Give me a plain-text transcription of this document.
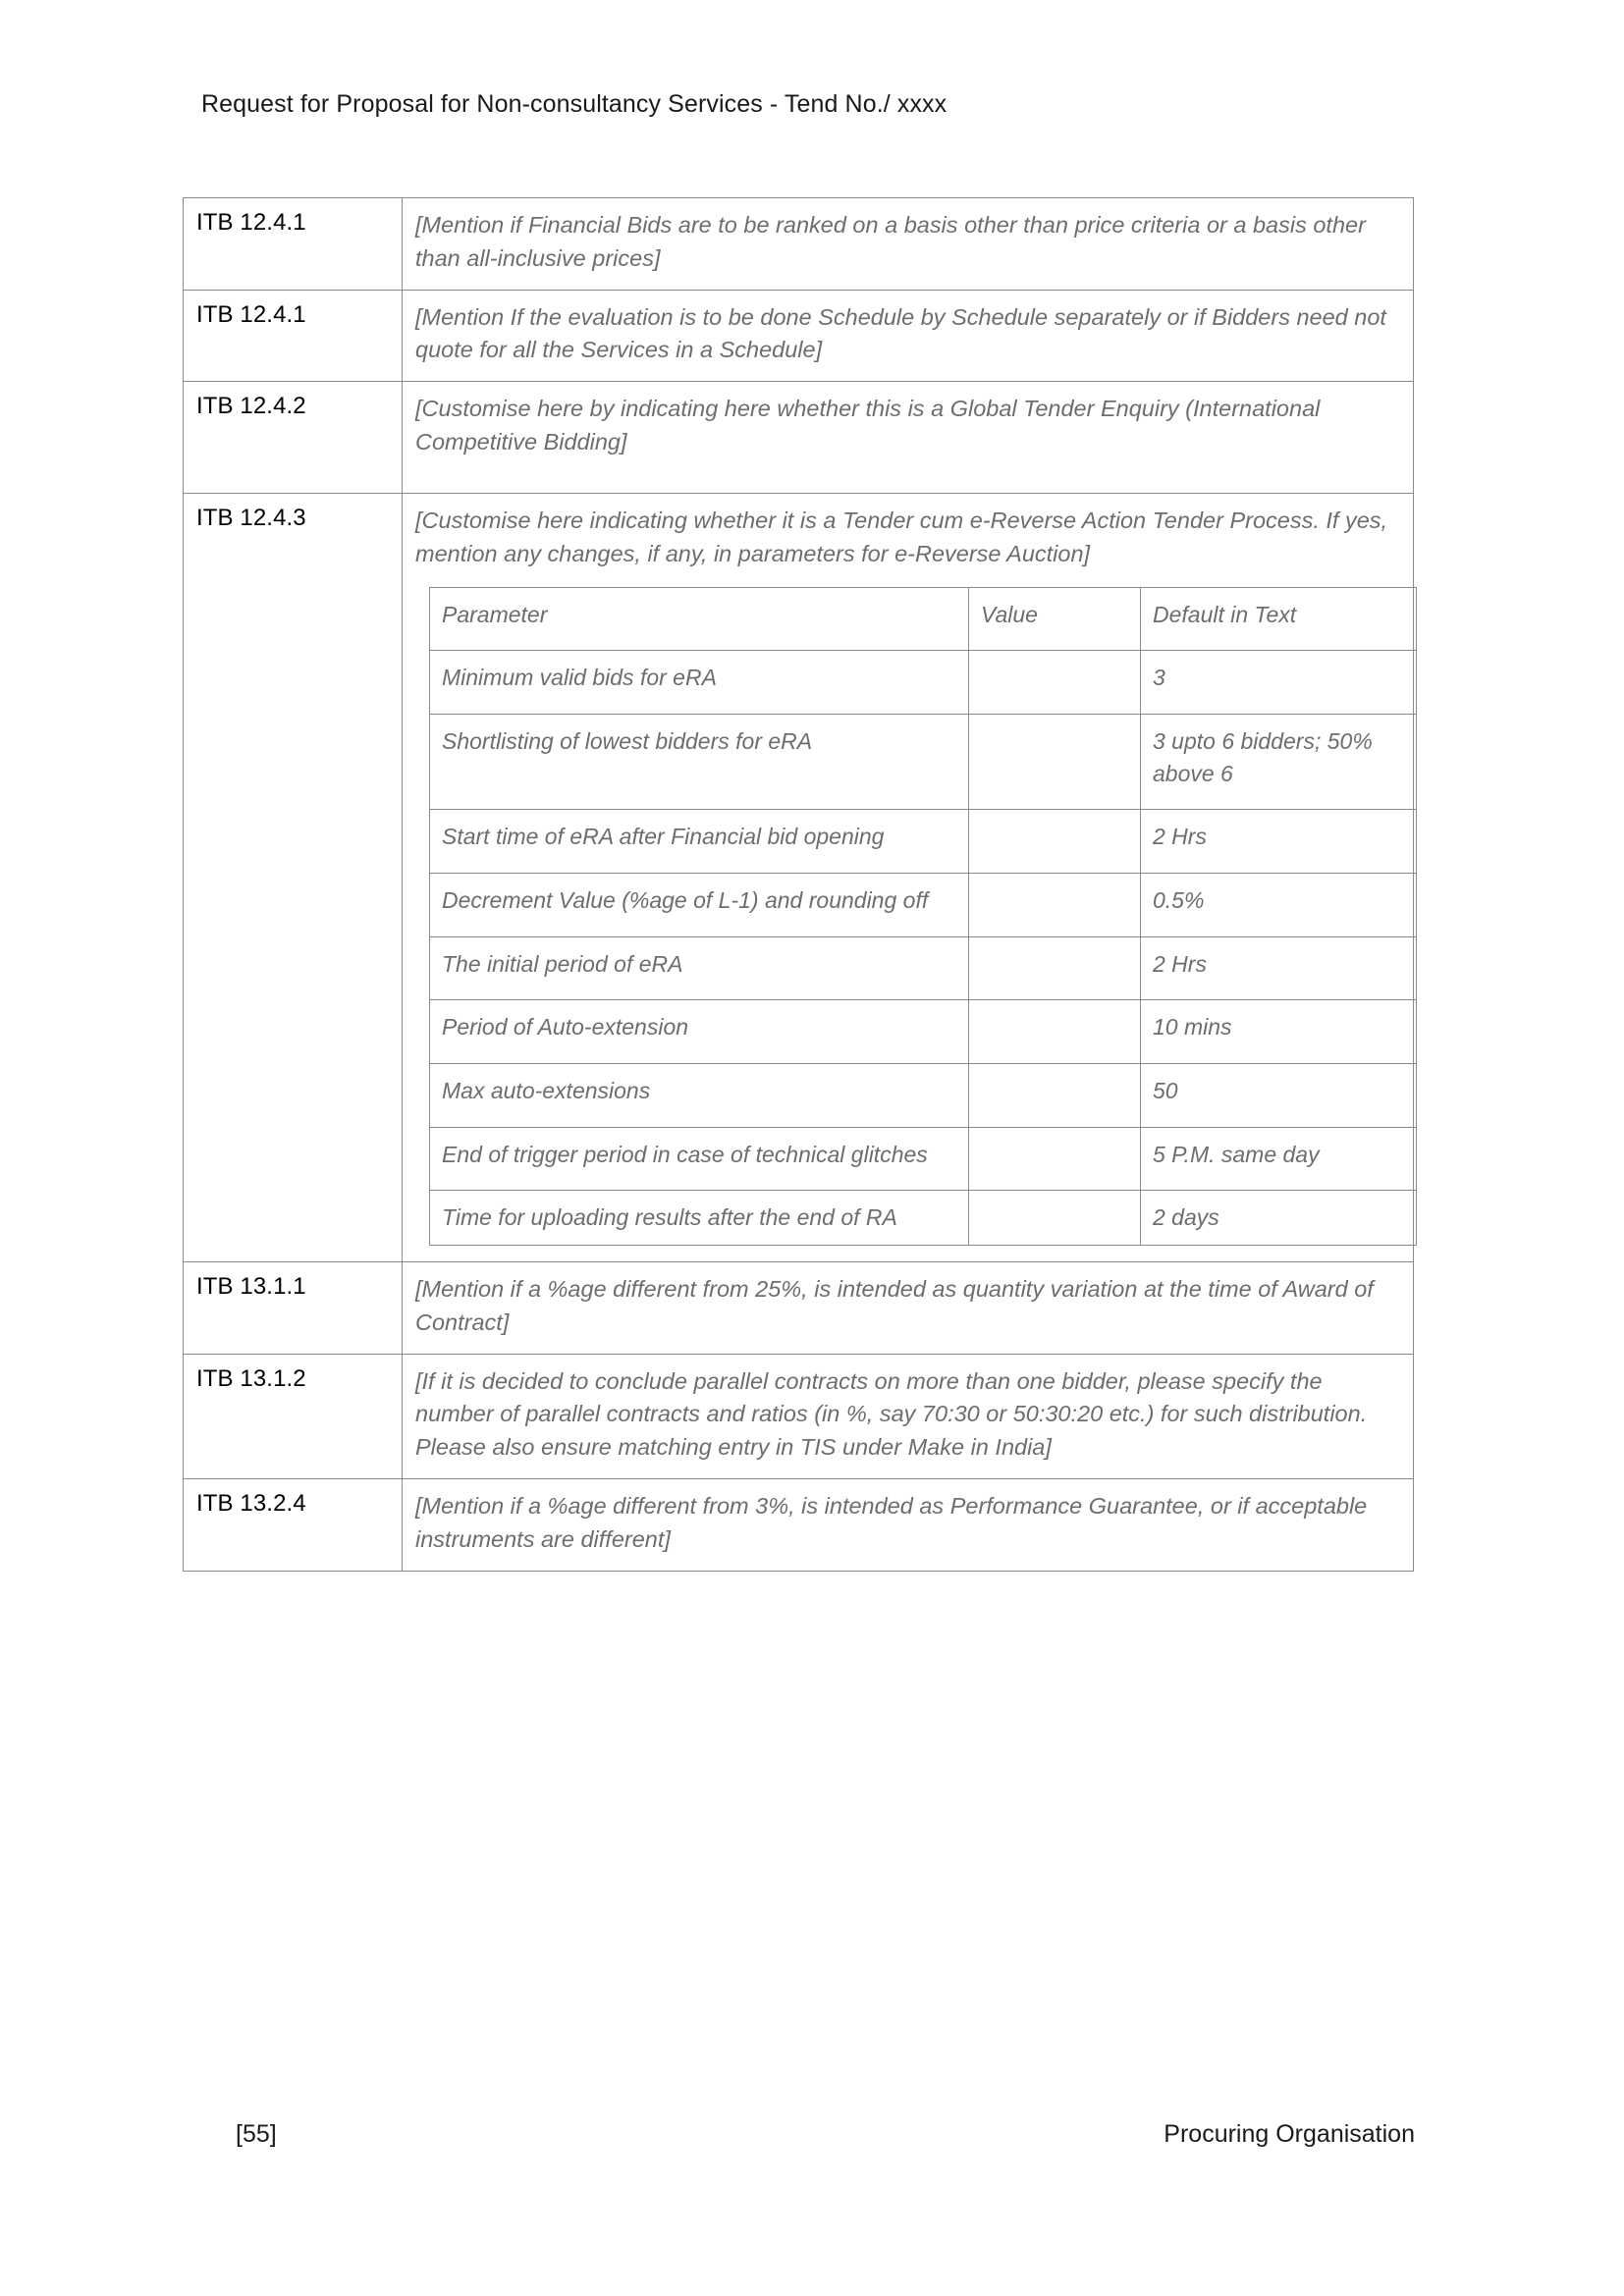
Request for Proposal for Non-consultancy Services - Tend No./ xxxx
ITB 12.4.1	[Mention if Financial Bids are to be ranked on a basis other than price criteria or a basis other than all-inclusive prices]
ITB 12.4.1	[Mention If the evaluation is to be done Schedule by Schedule separately or if Bidders need not quote for all the Services in a Schedule]
ITB 12.4.2	[Customise here by indicating here whether this is a Global Tender Enquiry (International Competitive Bidding]
ITB 12.4.3	[Customise here indicating whether it is a Tender cum e-Reverse Action Tender Process. If yes, mention any changes, if any, in parameters for e-Reverse Auction]
Parameter	Value	Default in Text
Minimum valid bids for eRA		3
Shortlisting of lowest bidders for eRA		3 upto 6 bidders; 50% above 6
Start time of eRA after Financial bid opening		2 Hrs
Decrement Value (%age of L-1) and rounding off		0.5%
The initial period of eRA		2 Hrs
Period of Auto-extension		10 mins
Max auto-extensions		50
End of trigger period in case of technical glitches		5 P.M. same day
Time for uploading results after the end of RA		2 days

ITB 13.1.1	[Mention if a %age different from 25%, is intended as quantity variation at the time of Award of Contract]
ITB 13.1.2	[If it is decided to conclude parallel contracts on more than one bidder, please specify the number of parallel contracts and ratios (in %, say 70:30 or 50:30:20 etc.) for such distribution. Please also ensure matching entry in TIS under Make in India]
ITB 13.2.4	[Mention if a %age different from 3%, is intended as Performance Guarantee, or if acceptable instruments are different]
[55]	Procuring Organisation
